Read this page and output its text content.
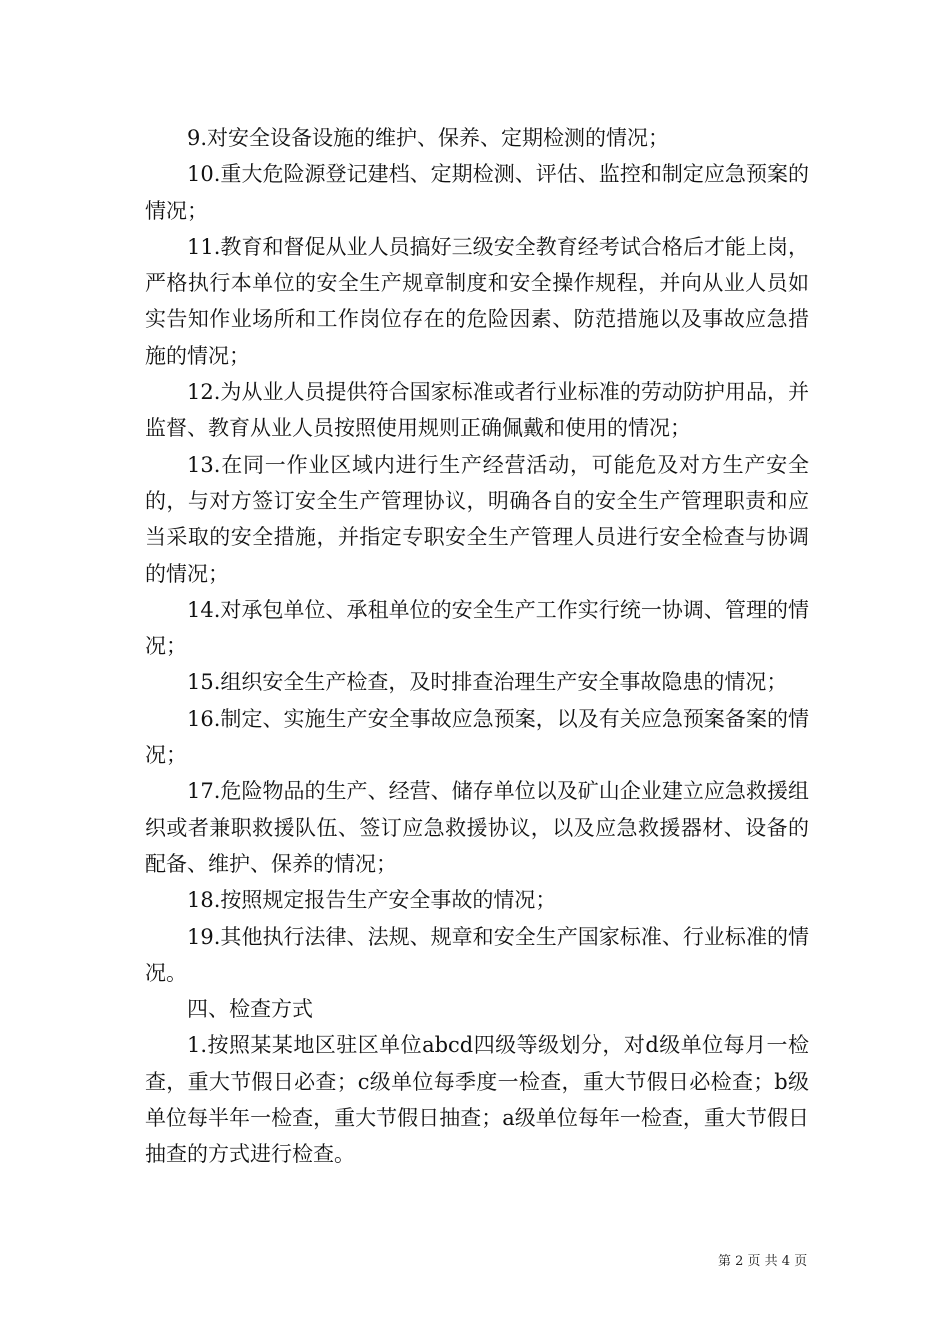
9.对安全设备设施的维护、保养、定期检测的情况；

10.重大危险源登记建档、定期检测、评估、监控和制定应急预案的情况；

11.教育和督促从业人员搞好三级安全教育经考试合格后才能上岗，严格执行本单位的安全生产规章制度和安全操作规程，并向从业人员如实告知作业场所和工作岗位存在的危险因素、防范措施以及事故应急措施的情况；

12.为从业人员提供符合国家标准或者行业标准的劳动防护用品，并监督、教育从业人员按照使用规则正确佩戴和使用的情况；

13.在同一作业区域内进行生产经营活动，可能危及对方生产安全的，与对方签订安全生产管理协议，明确各自的安全生产管理职责和应当采取的安全措施，并指定专职安全生产管理人员进行安全检查与协调的情况；

14.对承包单位、承租单位的安全生产工作实行统一协调、管理的情况；

15.组织安全生产检查，及时排查治理生产安全事故隐患的情况；

16.制定、实施生产安全事故应急预案，以及有关应急预案备案的情况；

17.危险物品的生产、经营、储存单位以及矿山企业建立应急救援组织或者兼职救援队伍、签订应急救援协议，以及应急救援器材、设备的配备、维护、保养的情况；

18.按照规定报告生产安全事故的情况；

19.其他执行法律、法规、规章和安全生产国家标准、行业标准的情况。

四、检查方式

1.按照某某地区驻区单位abcd四级等级划分，对d级单位每月一检查，重大节假日必查；c级单位每季度一检查，重大节假日必检查；b级单位每半年一检查，重大节假日抽查；a级单位每年一检查，重大节假日抽查的方式进行检查。

第 2 页 共 4 页
